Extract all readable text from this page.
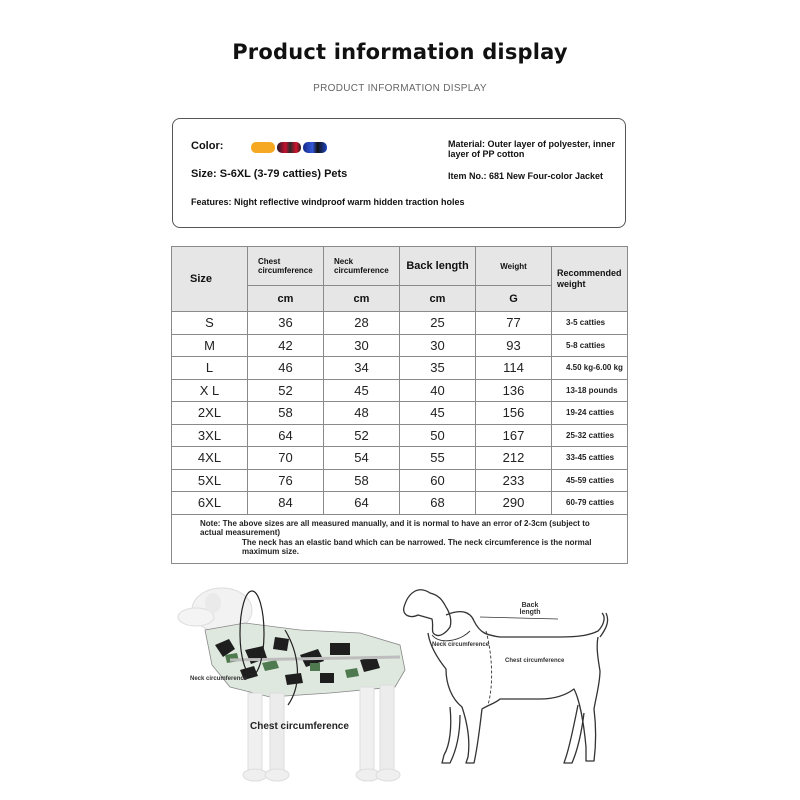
Product information display
PRODUCT INFORMATION DISPLAY
Color:
Size: S-6XL (3-79 catties) Pets
Features: Night reflective windproof warm hidden traction holes
Material: Outer layer of polyester, inner layer of PP cotton
Item No.: 681 New Four-color Jacket
Size	Chest circumference	Neck circumference	Back length	Weight	Recommended weight
	cm	cm	cm	G	
S	36	28	25	77	3-5 catties
M	42	30	30	93	5-8 catties
L	46	34	35	114	4.50 kg-6.00 kg
X L	52	45	40	136	13-18 pounds
2XL	58	48	45	156	19-24 catties
3XL	64	52	50	167	25-32 catties
4XL	70	54	55	212	33-45 catties
5XL	76	58	60	233	45-59 catties
6XL	84	64	68	290	60-79 catties
Note: The above sizes are all measured manually, and it is normal to have an error of 2-3cm (subject to actual measurement)
The neck has an elastic band which can be narrowed. The neck circumference is the normal maximum size.					
Neck circumference
Chest circumference
Back length
Neck circumference
Chest circumference
